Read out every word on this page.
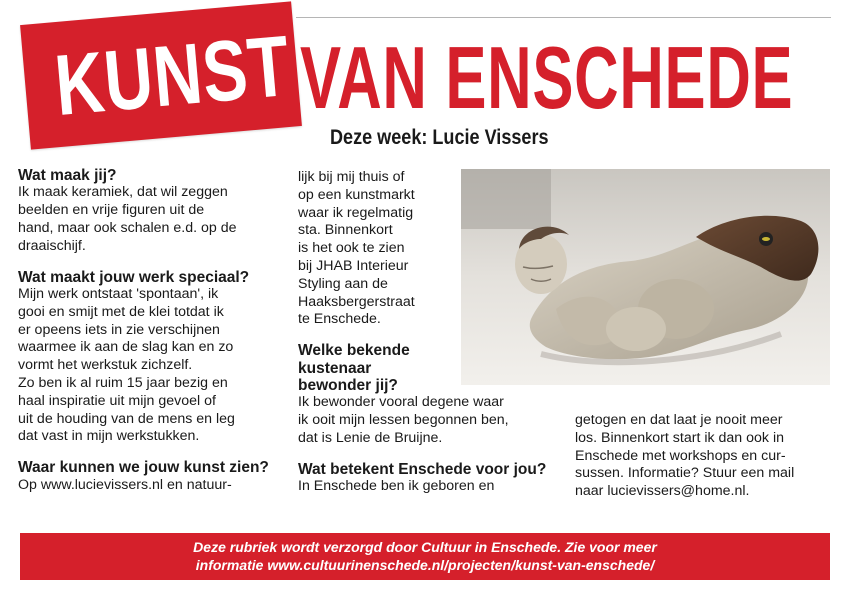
KUNST VAN ENSCHEDE
Deze week: Lucie Vissers

Wat maak jij?

Ik maak keramiek, dat wil zeggen

beelden en vrije figuren uit de

hand, maar ook schalen e.d. op de

draaischijf.

Wat maakt jouw werk speciaal?

Mijn werk ontstaat 'spontaan', ik

gooi en smijt met de klei totdat ik

er opeens iets in zie verschijnen

waarmee ik aan de slag kan en zo

vormt het werkstuk zichzelf.

Zo ben ik al ruim 15 jaar bezig en

haal inspiratie uit mijn gevoel of

uit de houding van de mens en leg

dat vast in mijn werkstukken.

Waar kunnen we jouw kunst zien?

Op www.lucievissers.nl en natuur-

lijk bij mij thuis of

op een kunstmarkt

waar ik regelmatig

sta. Binnenkort

is het ook te zien

bij JHAB Interieur

Styling aan de

Haaksbergerstraat

te Enschede.

Welke bekende

kustenaar

bewonder jij?

Ik bewonder vooral degene waar

ik ooit mijn lessen begonnen ben,

dat is Lenie de Bruijne.

Wat betekent Enschede voor jou?

In Enschede ben ik geboren en

getogen en dat laat je nooit meer

los. Binnenkort start ik dan ook in

Enschede met workshops en cur-

sussen. Informatie? Stuur een mail

naar lucievissers@home.nl.

Deze rubriek wordt verzorgd door Cultuur in Enschede. Zie voor meer
informatie www.cultuurinenschede.nl/projecten/kunst-van-enschede/
